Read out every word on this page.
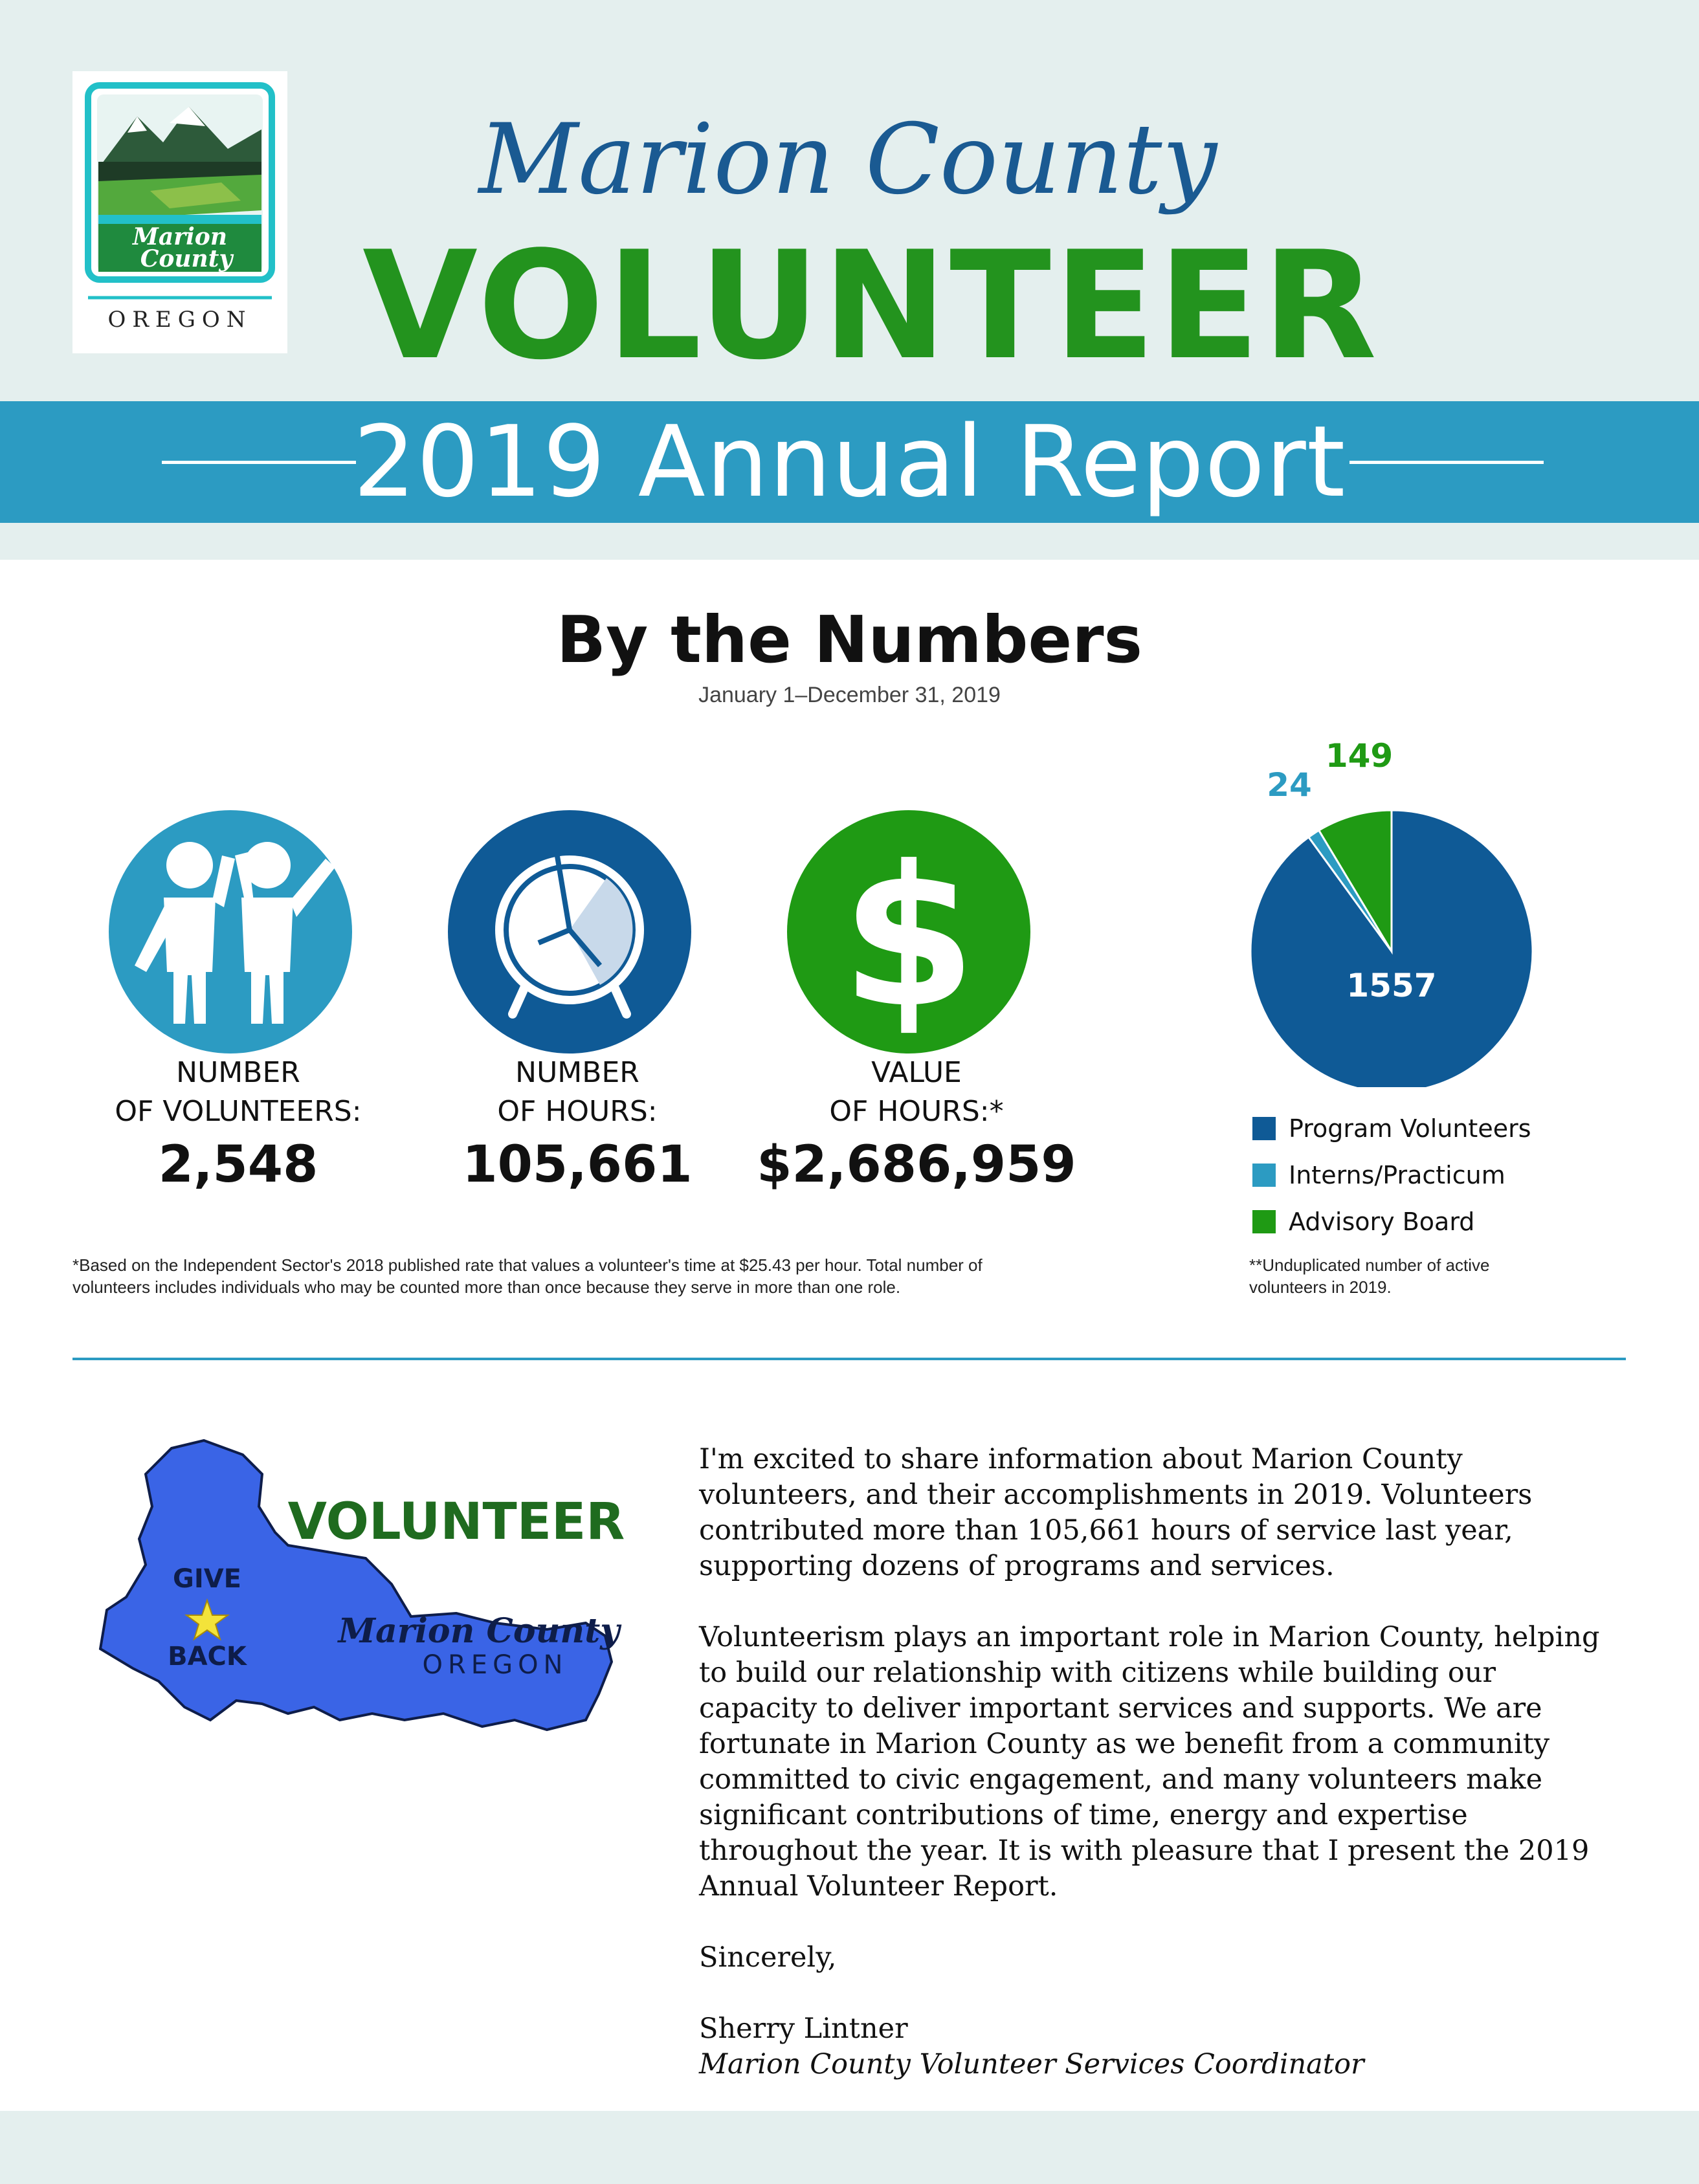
Marion
County
OREGON
Marion County
VOLUNTEER
2019 Annual Report
By the Numbers
January 1–December 31, 2019
$
NUMBER
OF VOLUNTEERS:
2,548
NUMBER
OF HOURS:
105,661
VALUE
OF HOURS:*
$2,686,959
*Based on the Independent Sector's 2018 published rate that values a volunteer's time at $25.43 per hour. Total number of
volunteers includes individuals who may be counted more than once because they serve in more than one role.
1557
24
149
Program Volunteers
Interns/Practicum
Advisory Board
**Unduplicated number of active
volunteers in 2019.
VOLUNTEER
GIVE
BACK
Marion County
OREGON

I'm excited to share information about Marion County volunteers, and their accomplishments in 2019. Volunteers contributed more than 105,661 hours of service last year, supporting dozens of programs and services.

Volunteerism plays an important role in Marion County, helping to build our relationship with citizens while building our capacity to deliver important services and supports. We are fortunate in Marion County as we benefit from a community committed to civic engagement, and many volunteers make significant contributions of time, energy and expertise throughout the year. It is with pleasure that I present the 2019 Annual Volunteer Report.

Sincerely,

Sherry Lintner
Marion County Volunteer Services Coordinator
